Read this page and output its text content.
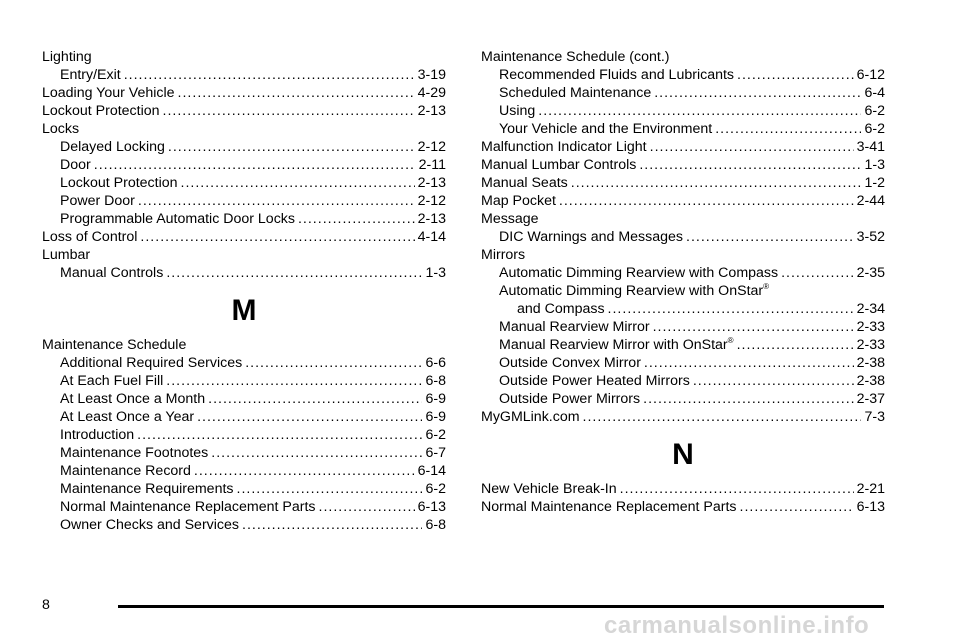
Lighting
Entry/Exit .....	3-19
Loading Your Vehicle .....	4-29
Lockout Protection .....	2-13
Locks
Delayed Locking .....	2-12
Door .....	2-11
Lockout Protection .....	2-13
Power Door .....	2-12
Programmable Automatic Door Locks .....	2-13
Loss of Control .....	4-14
Lumbar
Manual Controls .....	1-3
M
Maintenance Schedule
Additional Required Services .....	6-6
At Each Fuel Fill .....	6-8
At Least Once a Month .....	6-9
At Least Once a Year .....	6-9
Introduction .....	6-2
Maintenance Footnotes .....	6-7
Maintenance Record .....	6-14
Maintenance Requirements .....	6-2
Normal Maintenance Replacement Parts .....	6-13
Owner Checks and Services .....	6-8
Maintenance Schedule (cont.)
Recommended Fluids and Lubricants .....	6-12
Scheduled Maintenance .....	6-4
Using .....	6-2
Your Vehicle and the Environment .....	6-2
Malfunction Indicator Light .....	3-41
Manual Lumbar Controls .....	1-3
Manual Seats .....	1-2
Map Pocket .....	2-44
Message
DIC Warnings and Messages .....	3-52
Mirrors
Automatic Dimming Rearview with Compass .....	2-35
Automatic Dimming Rearview with OnStar®
and Compass .....	2-34
Manual Rearview Mirror .....	2-33
Manual Rearview Mirror with OnStar® .....	2-33
Outside Convex Mirror .....	2-38
Outside Power Heated Mirrors .....	2-38
Outside Power Mirrors .....	2-37
MyGMLink.com .....	7-3
N
New Vehicle Break-In .....	2-21
Normal Maintenance Replacement Parts .....	6-13
8
carmanualsonline.info
